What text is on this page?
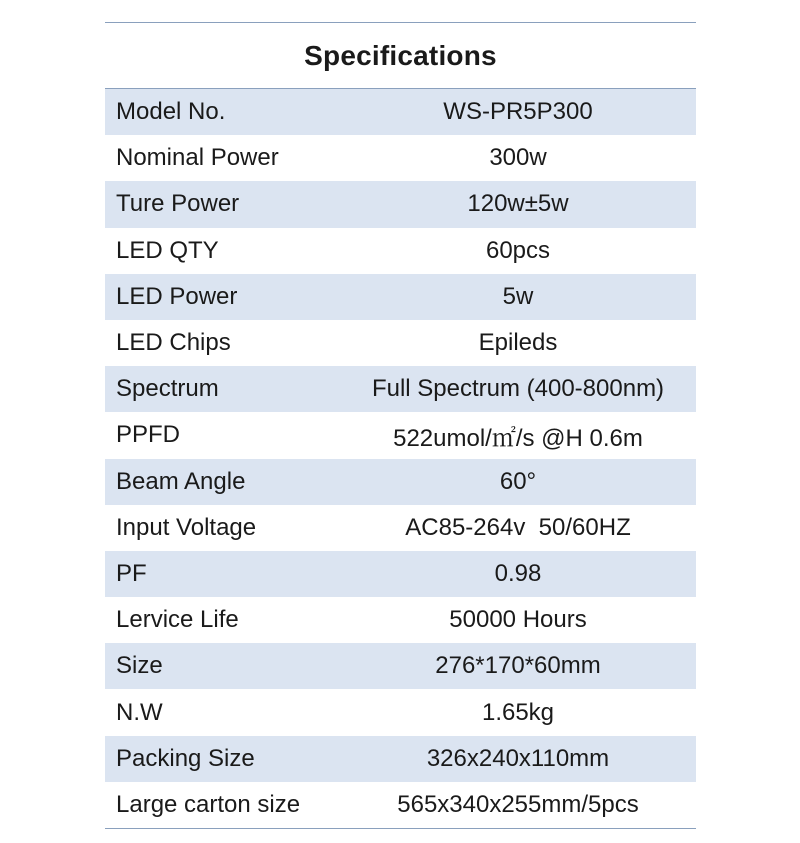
Specifications
Model No.	WS-PR5P300
Nominal Power	300w
Ture Power	120w±5w
LED QTY	60pcs
LED Power	5w
LED Chips	Epileds
Spectrum	Full Spectrum (400-800nm)
PPFD	522umol/㎡/s @H 0.6m
Beam Angle	60°
Input Voltage	AC85-264v  50/60HZ
PF	0.98
Lervice Life	50000 Hours
Size	276*170*60mm
N.W	1.65kg
Packing Size	326x240x110mm
Large carton size	565x340x255mm/5pcs
